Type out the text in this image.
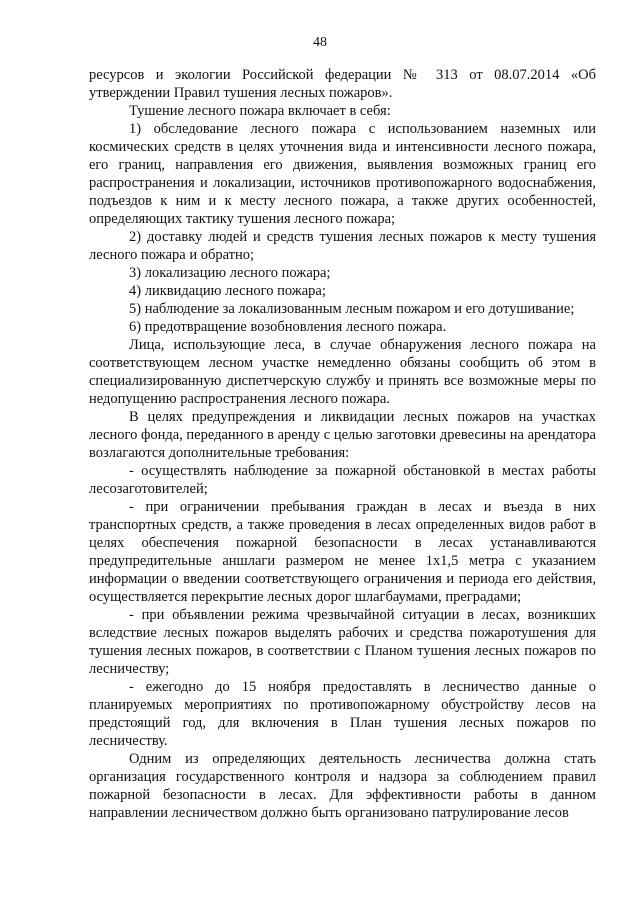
48

ресурсов и экологии Российской федерации № 313 от 08.07.2014 «Об утверждении Правил тушения лесных пожаров».

Тушение лесного пожара включает в себя:

1) обследование лесного пожара с использованием наземных или космических средств в целях уточнения вида и интенсивности лесного пожара, его границ, направления его движения, выявления возможных границ его распространения и локализации, источников противопожарного водоснабжения, подъездов к ним и к месту лесного пожара, а также других особенностей, определяющих тактику тушения лесного пожара;

2) доставку людей и средств тушения лесных пожаров к месту тушения лесного пожара и обратно;

3) локализацию лесного пожара;

4) ликвидацию лесного пожара;

5) наблюдение за локализованным лесным пожаром и его дотушивание;

6) предотвращение возобновления лесного пожара.

Лица, использующие леса, в случае обнаружения лесного пожара на соответствующем лесном участке немедленно обязаны сообщить об этом в специализированную диспетчерскую службу и принять все возможные меры по недопущению распространения лесного пожара.

В целях предупреждения и ликвидации лесных пожаров на участках лесного фонда, переданного в аренду с целью заготовки древесины на арендатора возлагаются дополнительные требования:

- осуществлять наблюдение за пожарной обстановкой в местах работы лесозаготовителей;

- при ограничении пребывания граждан в лесах и въезда в них транспортных средств, а также проведения в лесах определенных видов работ в целях обеспечения пожарной безопасности в лесах устанавливаются предупредительные аншлаги размером не менее 1х1,5 метра с указанием информации о введении соответствующего ограничения и периода его действия, осуществляется перекрытие лесных дорог шлагбаумами, преградами;

- при объявлении режима чрезвычайной ситуации в лесах, возникших вследствие лесных пожаров выделять рабочих и средства пожаротушения для тушения лесных пожаров, в соответствии с Планом тушения лесных пожаров по лесничеству;

- ежегодно до 15 ноября предоставлять в лесничество данные о планируемых мероприятиях по противопожарному обустройству лесов на предстоящий год, для включения в План тушения лесных пожаров по лесничеству.

Одним из определяющих деятельность лесничества должна стать организация государственного контроля и надзора за соблюдением правил пожарной безопасности в лесах. Для эффективности работы в данном направлении лесничеством должно быть организовано патрулирование лесов
